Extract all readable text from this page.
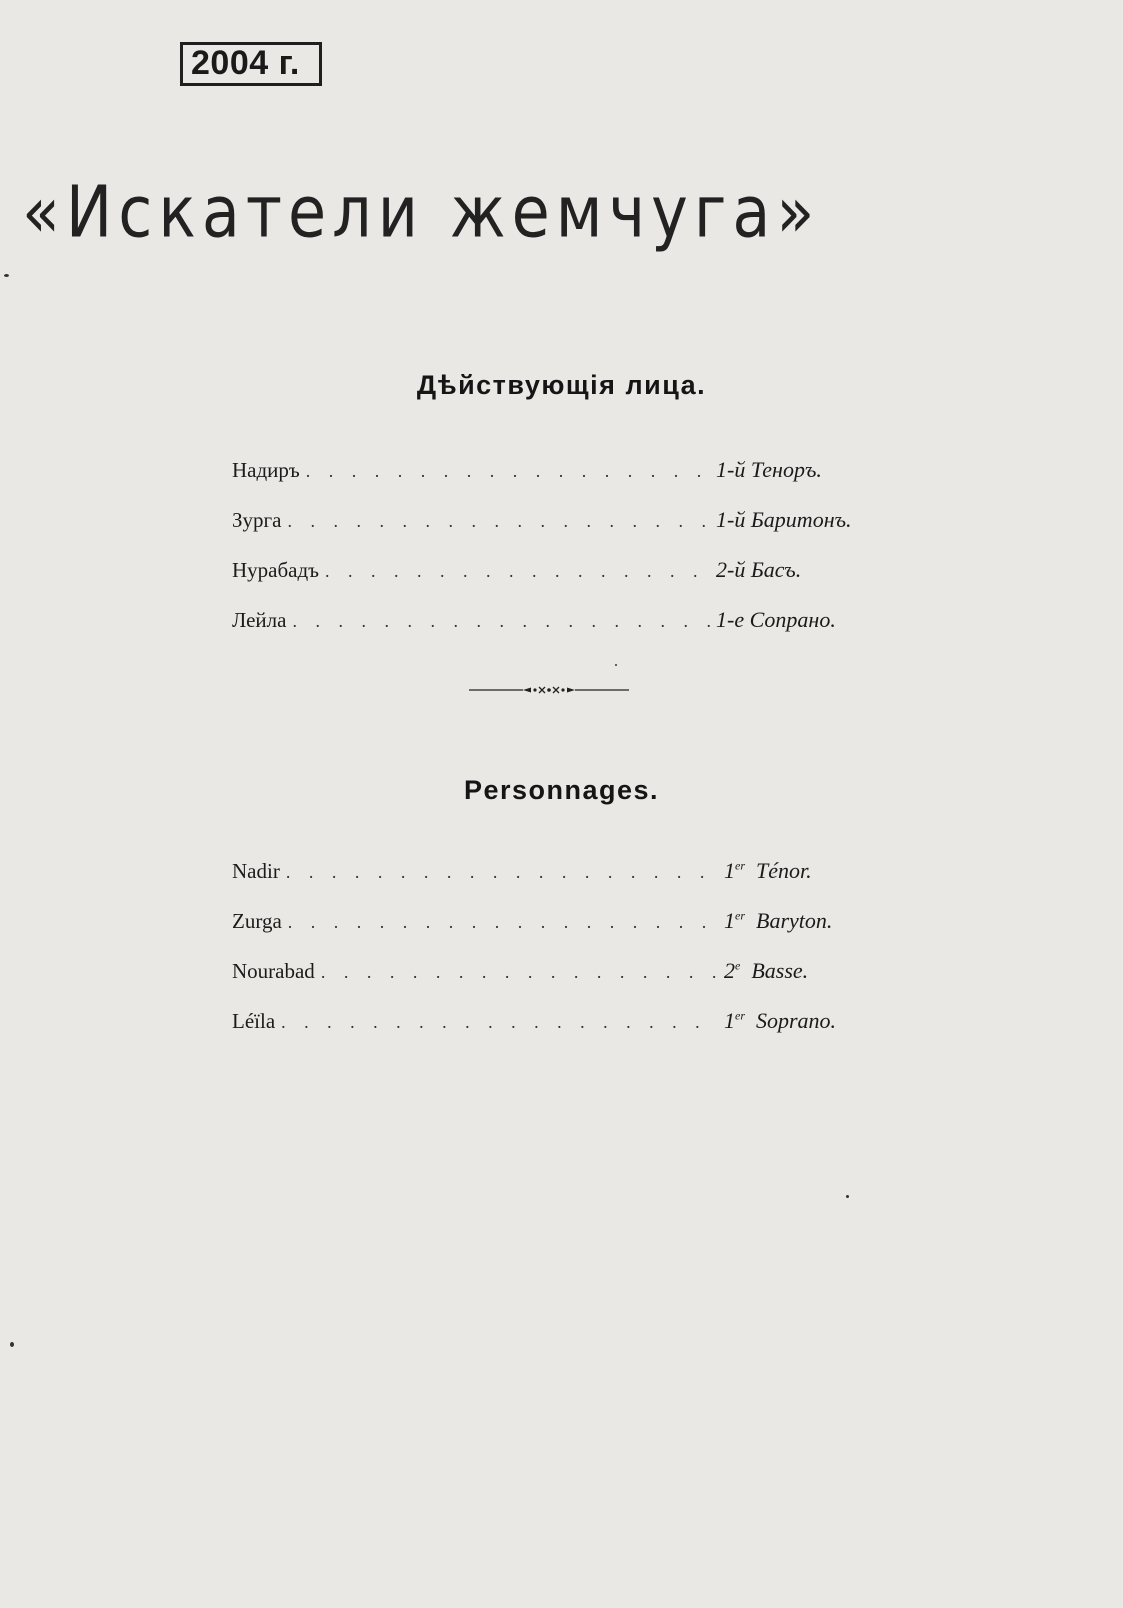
2004 г.
«Искатели жемчуга»
Дѣйствующія лица.
Надиръ . . .	1-й Теноръ.
Зурга . . .	1-й Баритонъ.
Нурабадъ . . .	2-й Басъ.
Лейла . . .	1-е Сопрано.
Personnages.
Nadir . . .	1er Ténor.
Zurga . . .	1er Baryton.
Nourabad . . .	2e Basse.
Léïla . . .	1er Soprano.
